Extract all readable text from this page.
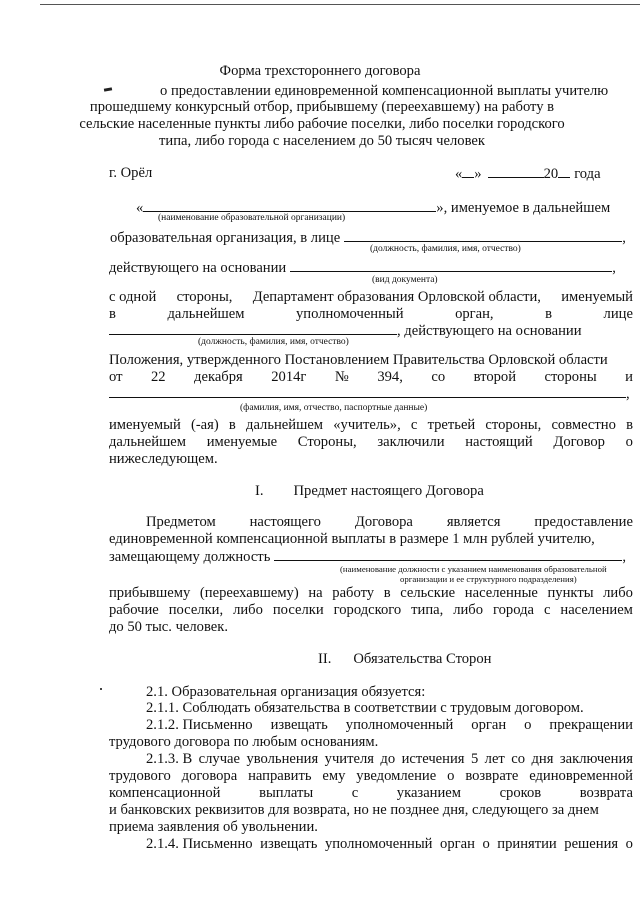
Форма трехстороннего договора
о предоставлении единовременной компенсационной выплаты учителю
прошедшему конкурсный отбор, прибывшему (переехавшему) на работу в
сельские населенные пункты либо рабочие поселки, либо поселки городского
типа, либо города с населением до 50 тысяч человек
г. Орёл	« »	20 года
«	», именуемое в дальнейшем
(наименование образовательной организации)
образовательная организация, в лице	,
(должность, фамилия, имя, отчество)
действующего на основании	,
(вид документа)
с одной стороны, Департамент образования Орловской области, именуемый
в	дальнейшем	уполномоченный	орган,	в	лице
, действующего на основании
(должность, фамилия, имя, отчество)
Положения, утвержденного Постановлением Правительства Орловской области
от 22 декабря 2014г № 394, со второй стороны и
,
(фамилия, имя, отчество, паспортные данные)
именуемый (-ая) в дальнейшем «учитель», с третьей стороны, совместно в
дальнейшем именуемые Стороны, заключили настоящий Договор о
нижеследующем.
I. Предмет настоящего Договора
Предметом настоящего Договора является предоставление
единовременной компенсационной выплаты в размере 1 млн рублей учителю,
замещающему должность	,
(наименование должности с указанием наименования образовательной
организации и ее структурного подразделения)
прибывшему (переехавшему) на работу в сельские населенные пункты либо
рабочие поселки, либо поселки городского типа, либо города с населением
до 50 тыс. человек.
II. Обязательства Сторон
2.1. Образовательная организация обязуется:
2.1.1. Соблюдать обязательства в соответствии с трудовым договором.
2.1.2. Письменно извещать уполномоченный орган о прекращении
трудового договора по любым основаниям.
2.1.3. В случае увольнения учителя до истечения 5 лет со дня заключения
трудового договора направить ему уведомление о возврате единовременной
компенсационной	выплаты	с	указанием	сроков	возврата
и банковских реквизитов для возврата, но не позднее дня, следующего за днем
приема заявления об увольнении.
2.1.4. Письменно извещать уполномоченный орган о принятии решения о
